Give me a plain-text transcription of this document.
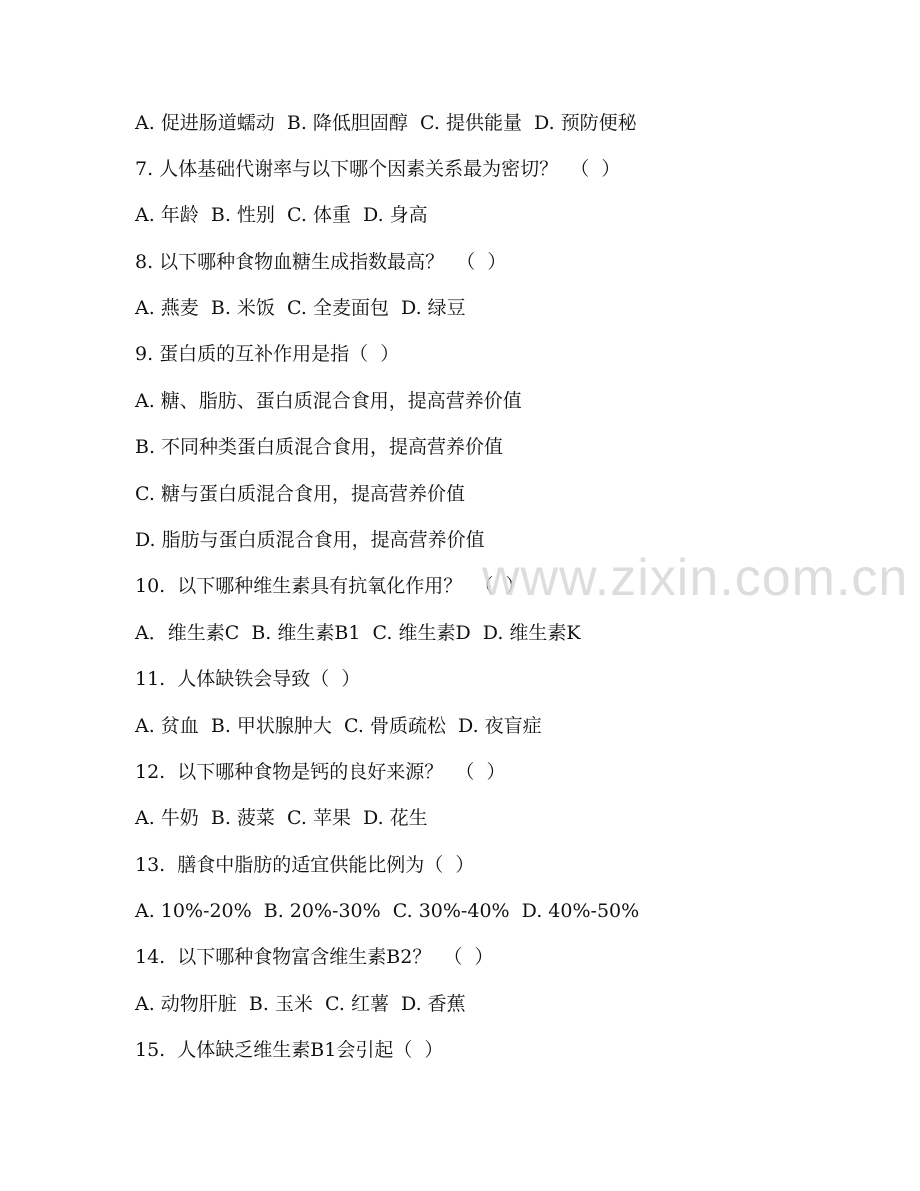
A. 促进肠道蠕动  B. 降低胆固醇  C. 提供能量  D. 预防便秘
7. 人体基础代谢率与以下哪个因素关系最为密切？  （  ）
A. 年龄  B. 性别  C. 体重  D. 身高
8. 以下哪种食物血糖生成指数最高？  （  ）
A. 燕麦  B. 米饭  C. 全麦面包  D. 绿豆
9. 蛋白质的互补作用是指（  ）
A. 糖、脂肪、蛋白质混合食用，提高营养价值
B. 不同种类蛋白质混合食用，提高营养价值
C. 糖与蛋白质混合食用，提高营养价值
D. 脂肪与蛋白质混合食用，提高营养价值
10.  以下哪种维生素具有抗氧化作用？  （  ）
A．维生素C  B. 维生素B1  C. 维生素D  D. 维生素K
11.  人体缺铁会导致（  ）
A. 贫血  B. 甲状腺肿大  C. 骨质疏松  D. 夜盲症
12.  以下哪种食物是钙的良好来源？  （  ）
A. 牛奶  B. 菠菜  C. 苹果  D. 花生
13.  膳食中脂肪的适宜供能比例为（  ）
A. 10%-20%  B. 20%-30%  C. 30%-40%  D. 40%-50%
14.  以下哪种食物富含维生素B2？  （  ）
A. 动物肝脏  B. 玉米  C. 红薯  D. 香蕉
15.  人体缺乏维生素B1会引起（  ）
www.zixin.com.cn
